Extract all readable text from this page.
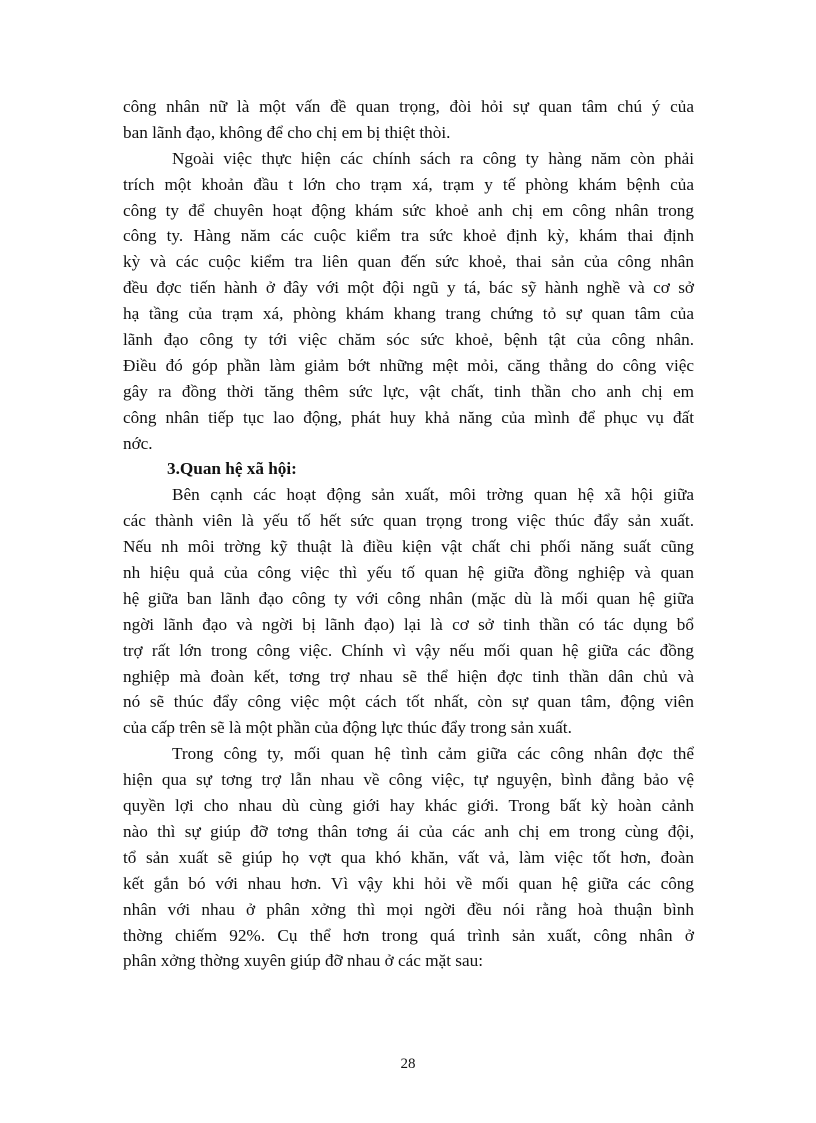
công nhân nữ là một vấn đề quan trọng, đòi hỏi sự quan tâm chú ý của
ban lãnh đạo, không để cho chị em bị thiệt thòi.
Ngoài việc thực hiện các chính sách ra công ty hàng năm còn phải
trích một khoản đầu t lớn cho trạm xá, trạm y tế phòng khám bệnh của
công ty để chuyên hoạt động khám sức khoẻ anh chị em công nhân trong
công ty. Hàng năm các cuộc kiểm tra sức khoẻ định kỳ, khám thai định
kỳ và các cuộc kiểm tra liên quan đến sức khoẻ, thai sản của công nhân
đều đợc tiến hành ở đây với một đội ngũ y tá, bác sỹ hành nghề và cơ sở
hạ tầng của trạm xá, phòng khám khang trang chứng tỏ sự quan tâm của
lãnh đạo công ty tới việc chăm sóc sức khoẻ, bệnh tật của công nhân.
Điều đó góp phần làm giảm bớt những mệt mỏi, căng thẳng do công việc
gây ra đồng thời tăng thêm sức lực, vật chất, tinh thần cho anh chị em
công nhân tiếp tục lao động, phát huy khả năng của mình để phục vụ đất
nớc.
3.Quan hệ xã hội:
Bên cạnh các hoạt động sản xuất, môi trờng quan hệ xã hội giữa
các thành viên là yếu tố hết sức quan trọng trong việc thúc đẩy sản xuất.
Nếu nh môi trờng kỹ thuật là điều kiện vật chất chi phối năng suất cũng
nh hiệu quả của công việc thì yếu tố quan hệ giữa đồng nghiệp và quan
hệ giữa ban lãnh đạo công ty với công nhân (mặc dù là mối quan hệ giữa
ngời lãnh đạo và ngời bị lãnh đạo) lại là cơ sở tinh thần có tác dụng bổ
trợ rất lớn trong công việc. Chính vì vậy nếu mối quan hệ giữa các đồng
nghiệp mà đoàn kết, tơng trợ nhau sẽ thể hiện đợc tinh thần dân chủ và
nó sẽ thúc đẩy công việc một cách tốt nhất, còn sự quan tâm, động viên
của cấp trên sẽ là một phần của động lực thúc đẩy trong sản xuất.
Trong công ty, mối quan hệ tình cảm giữa các công nhân đợc thể
hiện qua sự tơng trợ lẫn nhau về công việc, tự nguyện, bình đẳng bảo vệ
quyền lợi cho nhau dù cùng giới hay khác giới. Trong bất kỳ hoàn cảnh
nào thì sự giúp đỡ tơng thân tơng ái của các anh chị em trong cùng đội,
tổ sản xuất sẽ giúp họ vợt qua khó khăn, vất vả, làm việc tốt hơn, đoàn
kết gắn bó với nhau hơn. Vì vậy khi hỏi về mối quan hệ giữa các công
nhân với nhau ở phân xởng thì mọi ngời đều nói rằng hoà thuận bình
thờng chiếm 92%. Cụ thể hơn trong quá trình sản xuất, công nhân ở
phân xởng thờng xuyên giúp đỡ nhau ở các mặt sau:
28
